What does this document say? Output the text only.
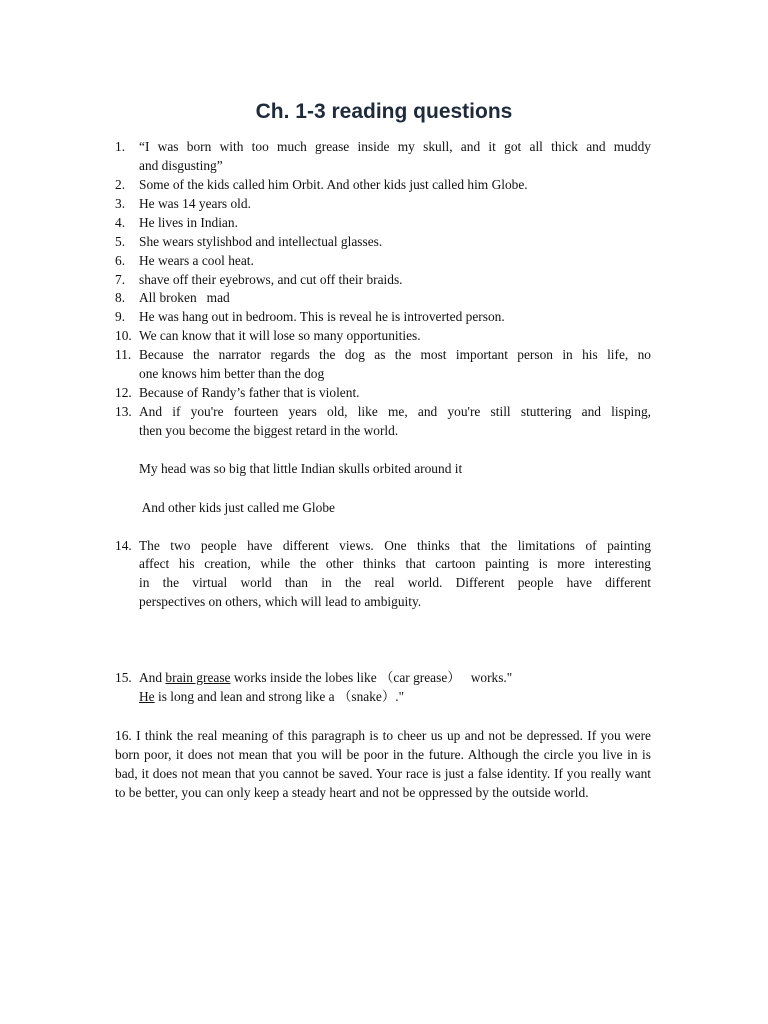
Ch. 1-3 reading questions
1. “I was born with too much grease inside my skull, and it got all thick and muddy
and disgusting”
2. Some of the kids called him Orbit. And other kids just called him Globe.
3. He was 14 years old.
4. He lives in Indian.
5. She wears stylishbod and intellectual glasses.
6. He wears a cool heat.
7. shave off their eyebrows, and cut off their braids.
8. All broken   mad
9. He was hang out in bedroom. This is reveal he is introverted person.
10. We can know that it will lose so many opportunities.
11. Because the narrator regards the dog as the most important person in his life, no
one knows him better than the dog
12. Because of Randy’s father that is violent.
13. And if you're fourteen years old, like me, and you're still stuttering and lisping,
then you become the biggest retard in the world.
My head was so big that little Indian skulls orbited around it
And other kids just called me Globe
14. The two people have different views. One thinks that the limitations of painting
affect his creation, while the other thinks that cartoon painting is more interesting
in the virtual world than in the real world. Different people have different
perspectives on others, which will lead to ambiguity.
15. And brain grease works inside the lobes like （car grease）   works."
He is long and lean and strong like a （snake）."
16. I think the real meaning of this paragraph is to cheer us up and not be depressed. If you were born poor, it does not mean that you will be poor in the future. Although the circle you live in is bad, it does not mean that you cannot be saved. Your race is just a false identity. If you really want to be better, you can only keep a steady heart and not be oppressed by the outside world.
